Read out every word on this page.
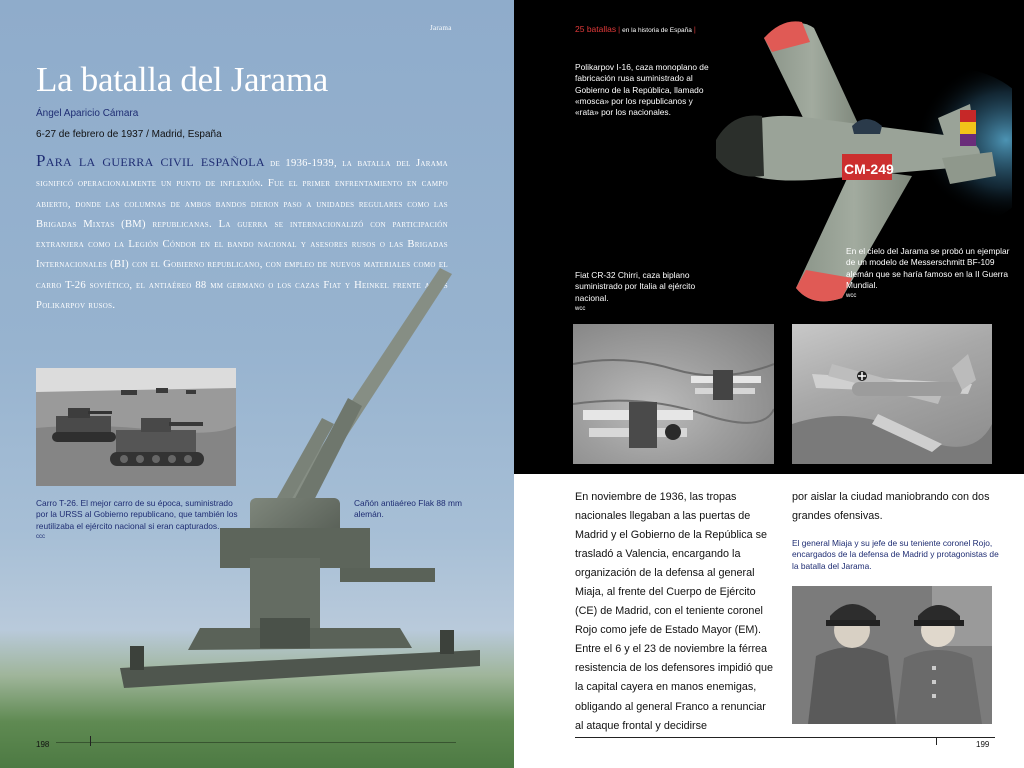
Jarama
La batalla del Jarama
Ángel Aparicio Cámara
6-27 de febrero de 1937 / Madrid, España

Para la guerra civil española de 1936-1939, la batalla del Jarama significó operacionalmente un punto de inflexión. Fue el primer enfrentamiento en campo abierto, donde las columnas de ambos bandos dieron paso a unidades regulares como las Brigadas Mixtas (BM) republicanas. La guerra se internacionalizó con participación extranjera como la Legión Cóndor en el bando nacional y asesores rusos o las Brigadas Internacionales (BI) con el Gobierno republicano, con empleo de nuevos materiales como el carro T-26 soviético, el antiaéreo 88 mm germano o los cazas Fiat y Heinkel frente a los Polikarpov rusos.

Carro T-26. El mejor carro de su época, suministrado por la URSS al Gobierno republicano, que también los reutilizaba el ejército nacional si eran capturados.
ccc
Cañón antiaéreo Flak 88 mm alemán.
198
25 batallas | en la historia de España |
Polikarpov I-16, caza monoplano de fabricación rusa suministrado al Gobierno de la República, llamado «mosca» por los republicanos y «rata» por los nacionales.
CM-249
Fiat CR-32 Chirri, caza biplano suministrado por Italia al ejército nacional.
wcc
En el cielo del Jarama se probó un ejemplar de un modelo de Messerschmitt BF-109 alemán que se haría famoso en la II Guerra Mundial.
wcc
En noviembre de 1936, las tropas nacionales llegaban a las puertas de Madrid y el Gobierno de la República se trasladó a Valencia, encargando la organización de la defensa al general Miaja, al frente del Cuerpo de Ejército (CE) de Madrid, con el teniente coronel Rojo como jefe de Estado Mayor (EM). Entre el 6 y el 23 de noviembre la férrea resistencia de los defensores impidió que la capital cayera en manos enemigas, obligando al general Franco a renunciar al ataque frontal y decidirse
por aislar la ciudad maniobrando con dos grandes ofensivas.
El general Miaja y su jefe de su teniente coronel Rojo, encargados de la defensa de Madrid y protagonistas de la batalla del Jarama.
199
